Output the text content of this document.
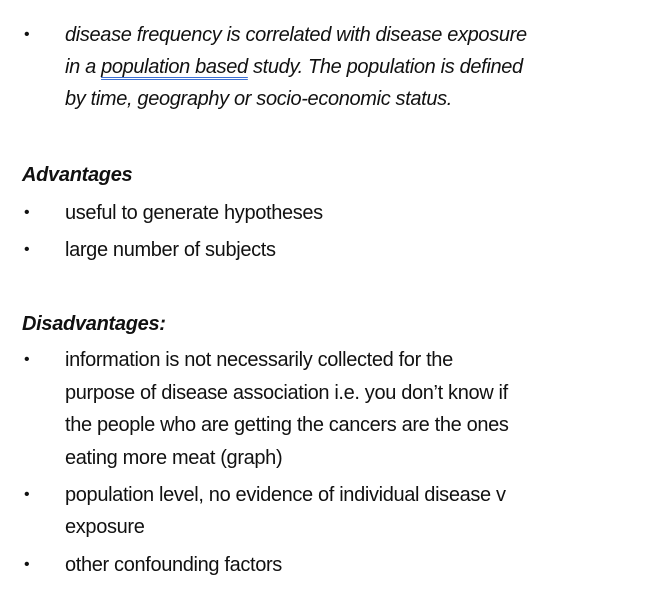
• disease frequency is correlated with disease exposure
in a population based study. The population is defined
by time, geography or socio-economic status.
Advantages
• useful to generate hypotheses
• large number of subjects
Disadvantages:
• information is not necessarily collected for the
purpose of disease association i.e. you don’t know if
the people who are getting the cancers are the ones
eating more meat (graph)
• population level, no evidence of individual disease v
exposure
• other confounding factors
